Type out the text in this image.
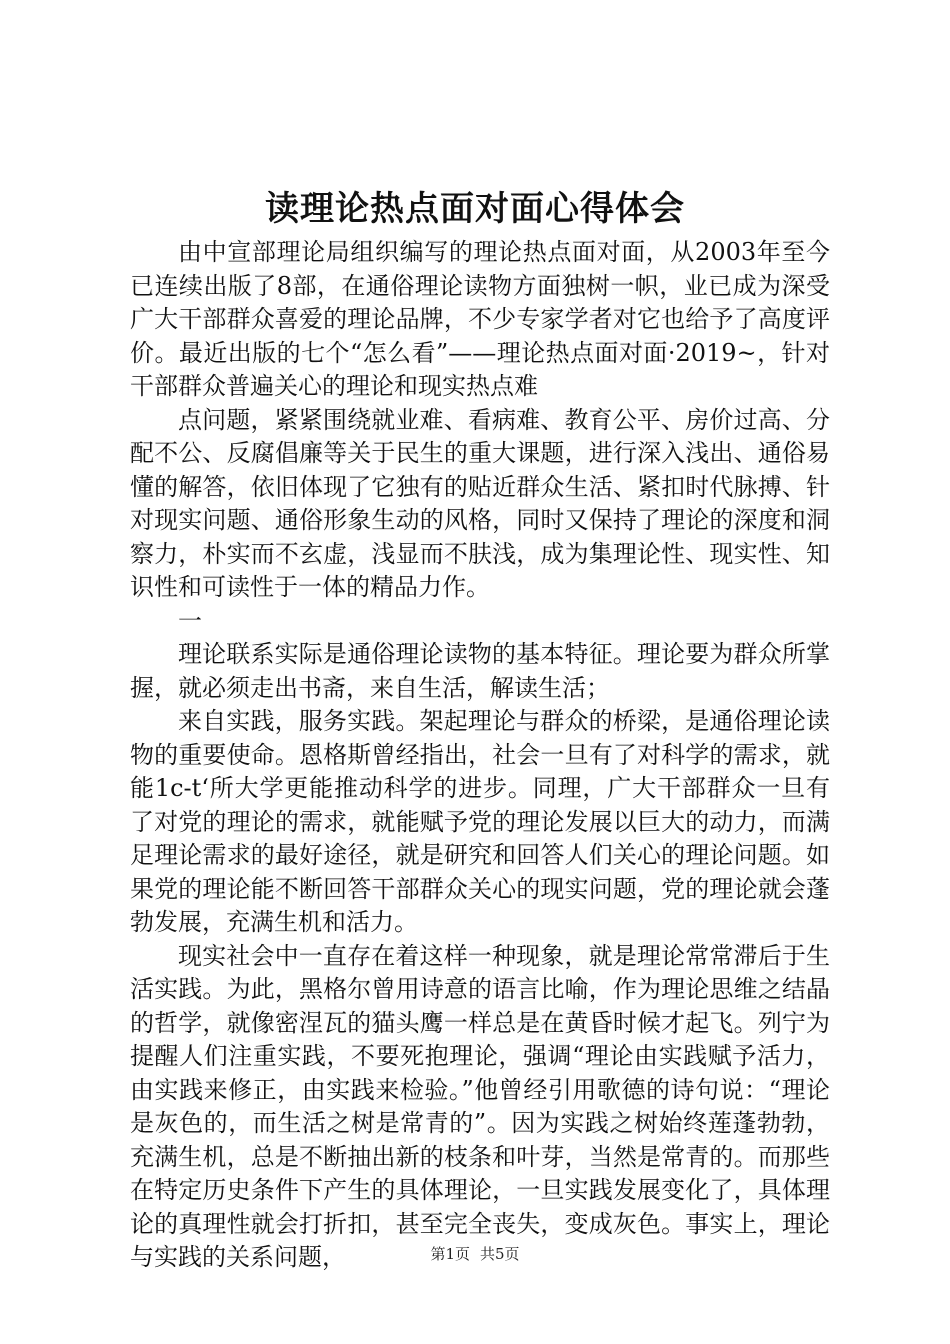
读理论热点面对面心得体会

由中宣部理论局组织编写的理论热点面对面，从2003年至今已连续出版了8部，在通俗理论读物方面独树一帜，业已成为深受广大干部群众喜爱的理论品牌，不少专家学者对它也给予了高度评价。最近出版的七个“怎么看”——理论热点面对面·2019~，针对干部群众普遍关心的理论和现实热点难

点问题，紧紧围绕就业难、看病难、教育公平、房价过高、分配不公、反腐倡廉等关于民生的重大课题，进行深入浅出、通俗易懂的解答，依旧体现了它独有的贴近群众生活、紧扣时代脉搏、针对现实问题、通俗形象生动的风格，同时又保持了理论的深度和洞察力，朴实而不玄虚，浅显而不肤浅，成为集理论性、现实性、知识性和可读性于一体的精品力作。

一

理论联系实际是通俗理论读物的基本特征。理论要为群众所掌握，就必须走出书斋，来自生活，解读生活；

来自实践，服务实践。架起理论与群众的桥梁，是通俗理论读物的重要使命。恩格斯曾经指出，社会一旦有了对科学的需求，就能1c-t‘所大学更能推动科学的进步。同理，广大干部群众一旦有了对党的理论的需求，就能赋予党的理论发展以巨大的动力，而满足理论需求的最好途径，就是研究和回答人们关心的理论问题。如果党的理论能不断回答干部群众关心的现实问题，党的理论就会蓬勃发展，充满生机和活力。

现实社会中一直存在着这样一种现象，就是理论常常滞后于生活实践。为此，黑格尔曾用诗意的语言比喻，作为理论思维之结晶的哲学，就像密涅瓦的猫头鹰一样总是在黄昏时候才起飞。列宁为提醒人们注重实践，不要死抱理论，强调“理论由实践赋予活力，由实践来修正，由实践来检验。”他曾经引用歌德的诗句说：“理论是灰色的，而生活之树是常青的”。因为实践之树始终莲蓬勃勃，充满生机，总是不断抽出新的枝条和叶芽，当然是常青的。而那些在特定历史条件下产生的具体理论，一旦实践发展变化了，具体理论的真理性就会打折扣，甚至完全丧失，变成灰色。事实上，理论与实践的关系问题，	第1页 共5页
